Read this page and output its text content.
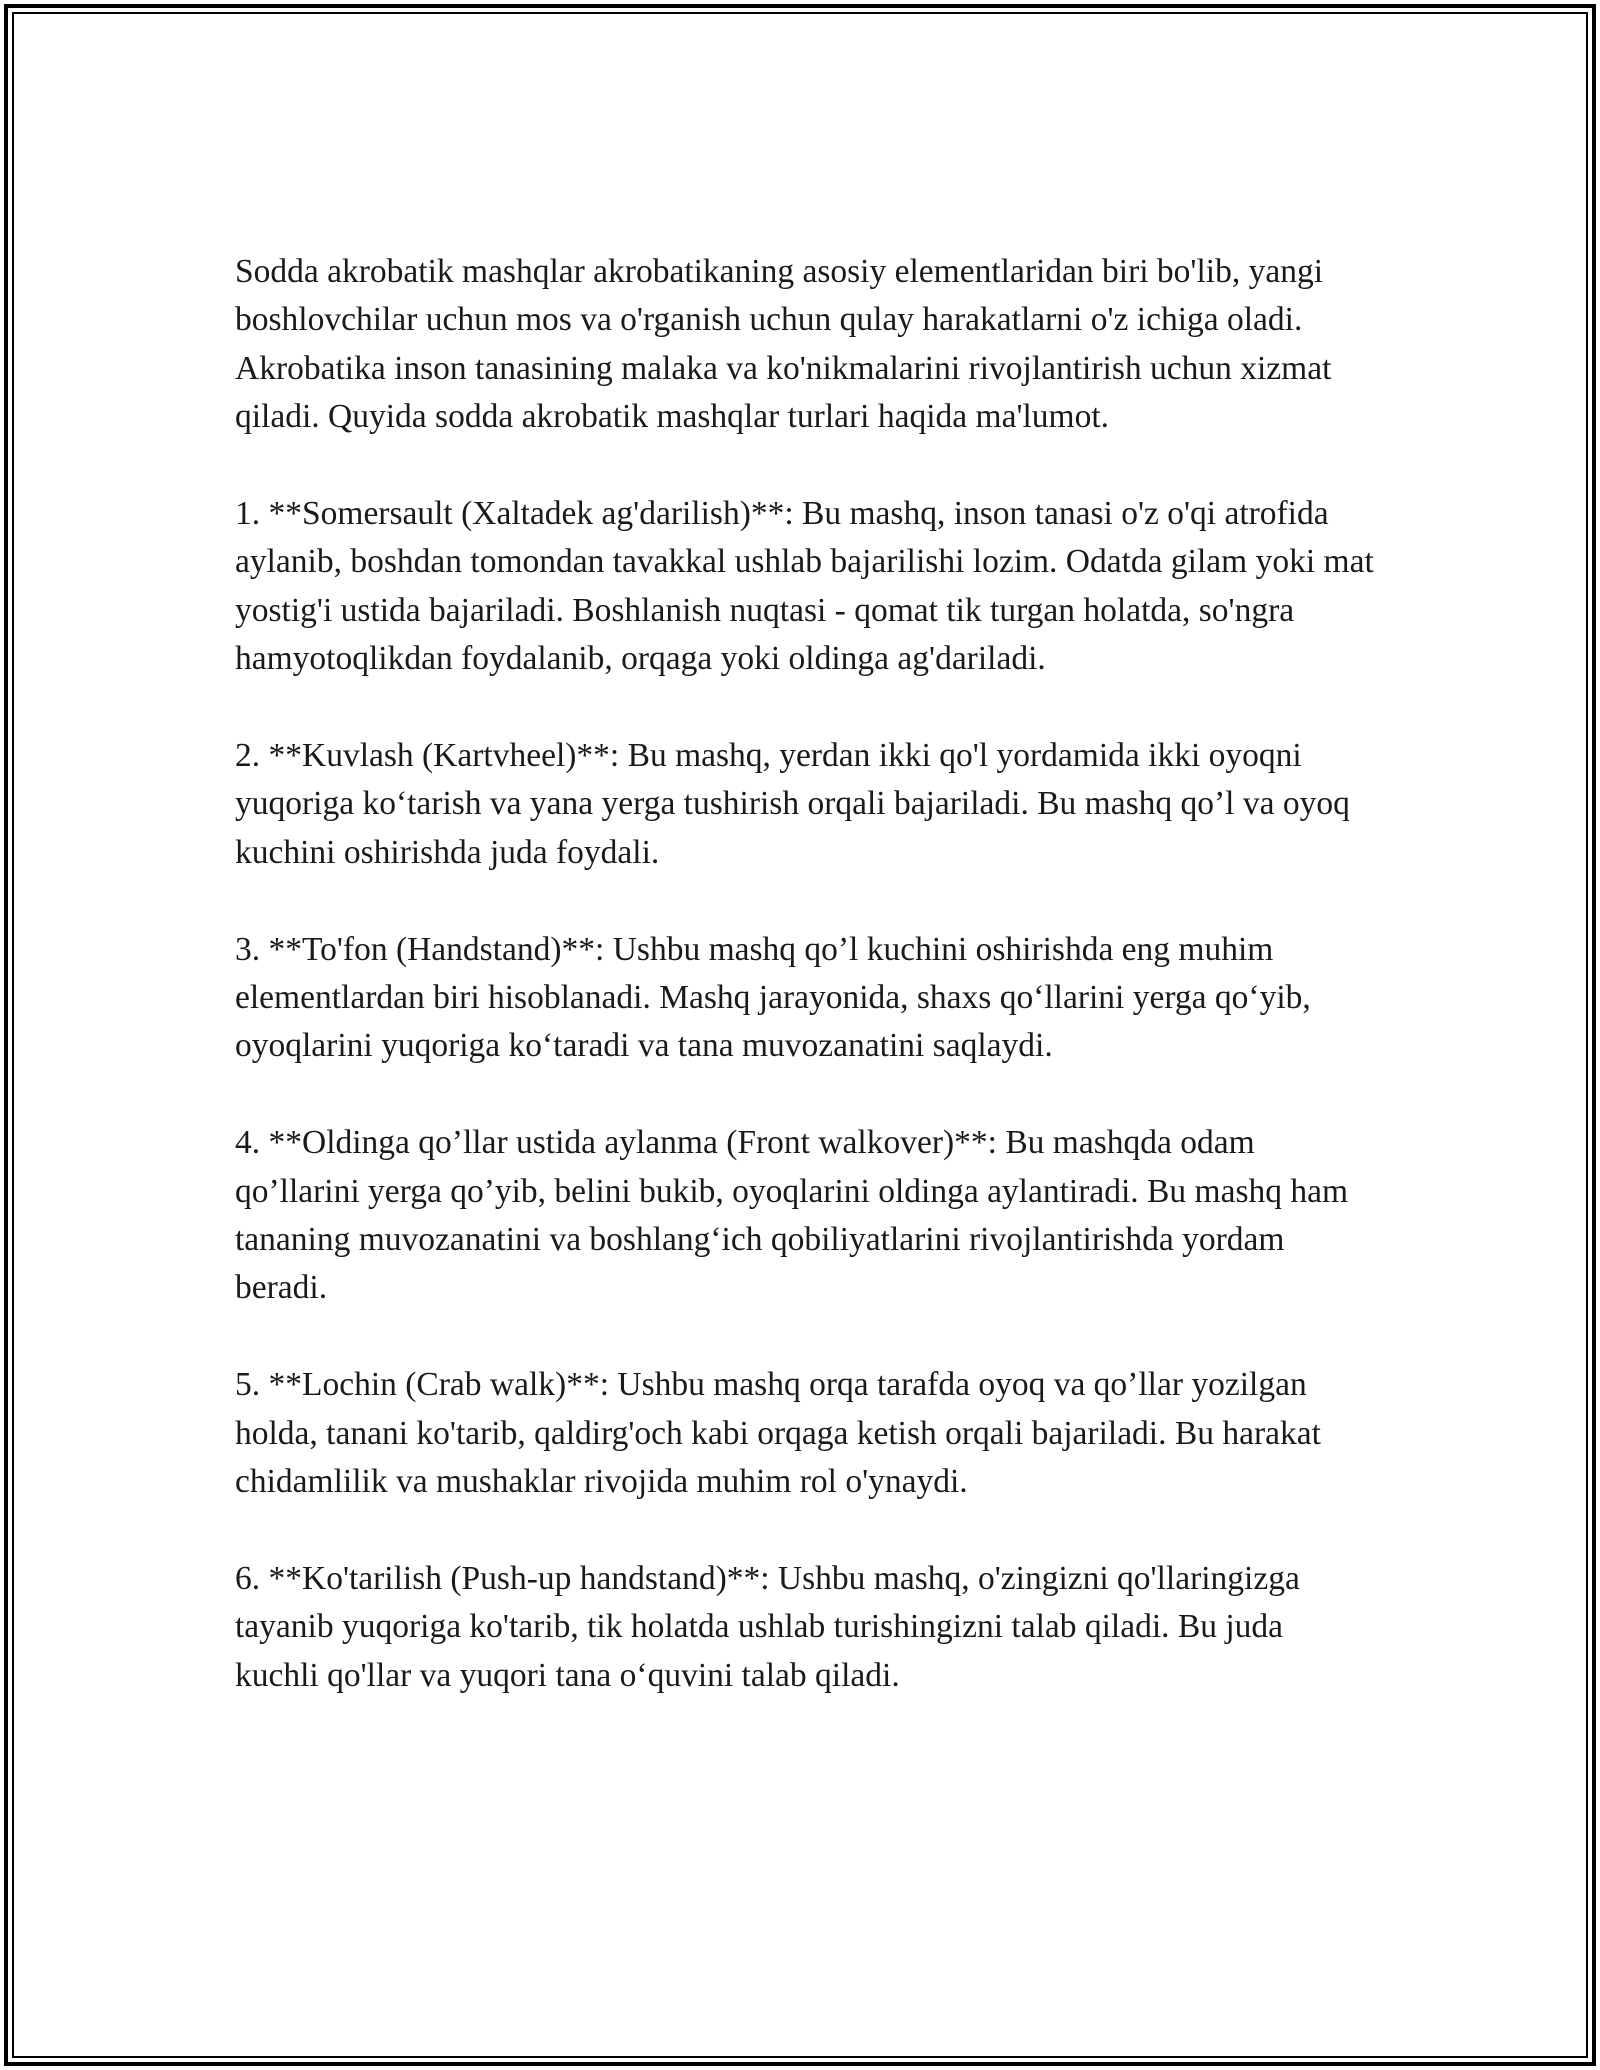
Sodda akrobatik mashqlar akrobatikaning asosiy elementlaridan biri bo'lib, yangi boshlovchilar uchun mos va o'rganish uchun qulay harakatlarni o'z ichiga oladi. Akrobatika inson tanasining malaka va ko'nikmalarini rivojlantirish uchun xizmat qiladi. Quyida sodda akrobatik mashqlar turlari haqida ma'lumot.

1. **Somersault (Xaltadek ag'darilish)**: Bu mashq, inson tanasi o'z o'qi atrofida aylanib, boshdan tomondan tavakkal ushlab bajarilishi lozim. Odatda gilam yoki mat yostig'i ustida bajariladi. Boshlanish nuqtasi - qomat tik turgan holatda, so'ngra hamyotoqlikdan foydalanib, orqaga yoki oldinga ag'dariladi.

2. **Kuvlash (Kartvheel)**: Bu mashq, yerdan ikki qo'l yordamida ikki oyoqni yuqoriga ko‘tarish va yana yerga tushirish orqali bajariladi. Bu mashq qo’l va oyoq kuchini oshirishda juda foydali.

3. **To'fon (Handstand)**: Ushbu mashq qo’l kuchini oshirishda eng muhim elementlardan biri hisoblanadi. Mashq jarayonida, shaxs qo‘llarini yerga qo‘yib, oyoqlarini yuqoriga ko‘taradi va tana muvozanatini saqlaydi.

4. **Oldinga qo’llar ustida aylanma (Front walkover)**: Bu mashqda odam qo’llarini yerga qo’yib, belini bukib, oyoqlarini oldinga aylantiradi. Bu mashq ham tananing muvozanatini va boshlang‘ich qobiliyatlarini rivojlantirishda yordam beradi.

5. **Lochin (Crab walk)**: Ushbu mashq orqa tarafda oyoq va qo’llar yozilgan holda, tanani ko'tarib, qaldirg'och kabi orqaga ketish orqali bajariladi. Bu harakat chidamlilik va mushaklar rivojida muhim rol o'ynaydi.

6. **Ko'tarilish (Push-up handstand)**: Ushbu mashq, o'zingizni qo'llaringizga tayanib yuqoriga ko'tarib, tik holatda ushlab turishingizni talab qiladi. Bu juda kuchli qo'llar va yuqori tana o‘quvini talab qiladi.
